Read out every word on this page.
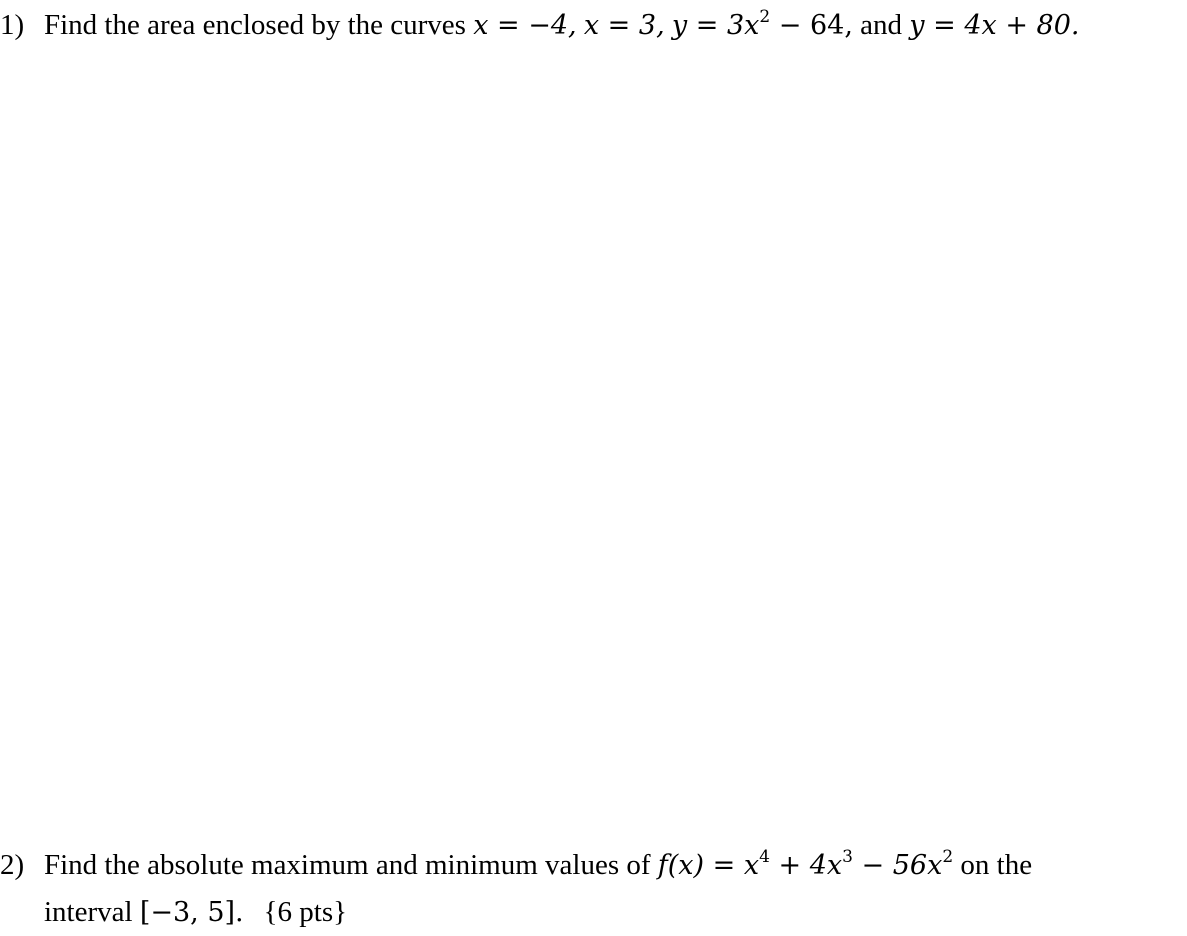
1) Find the area enclosed by the curves x = −4, x = 3, $y = 3x^2 - 64$, and y = 4x + 80.
2) Find the absolute maximum and minimum values of $f(x) = x^4 + 4x^3 - 56x^2$ on the
interval [−3, 5]. {6 pts}
